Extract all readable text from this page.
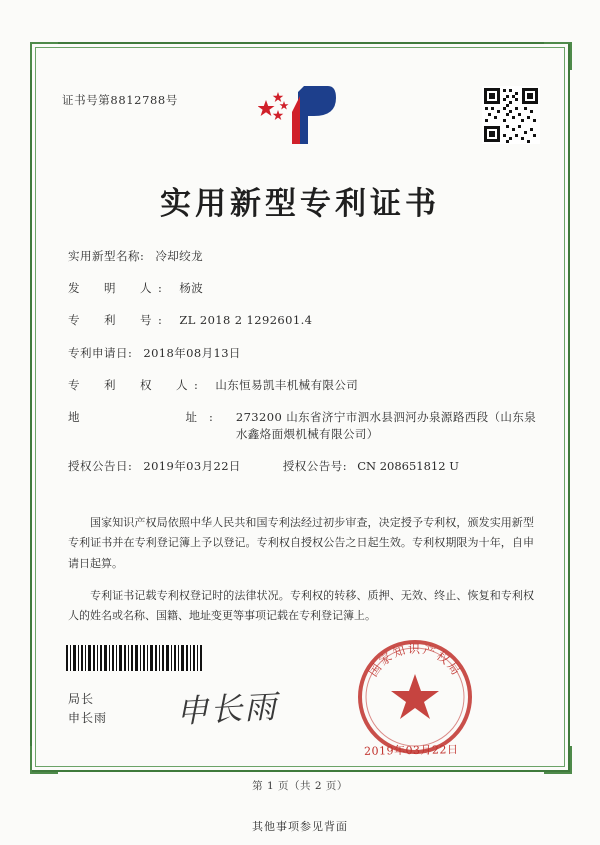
证书号第8812788号
实用新型专利证书
实用新型名称: 冷却绞龙
发　明　人: 杨波
专　利　号: ZL 2018 2 1292601.4
专利申请日: 2018年08月13日
专　利　权　人: 山东恒易凯丰机械有限公司
地　　　　址: 273200 山东省济宁市泗水县泗河办泉源路西段（山东泉水鑫烙面煨机械有限公司）
授权公告日: 2019年03月22日	授权公告号: CN 208651812 U

国家知识产权局依照中华人民共和国专利法经过初步审查，决定授予专利权，颁发实用新型专利证书并在专利登记簿上予以登记。专利权自授权公告之日起生效。专利权期限为十年，自申请日起算。

专利证书记载专利权登记时的法律状况。专利权的转移、质押、无效、终止、恢复和专利权人的姓名或名称、国籍、地址变更等事项记载在专利登记簿上。

局长
申长雨 申长雨
国家知识产权局
2019年03月22日
第 1 页（共 2 页）
其他事项参见背面
